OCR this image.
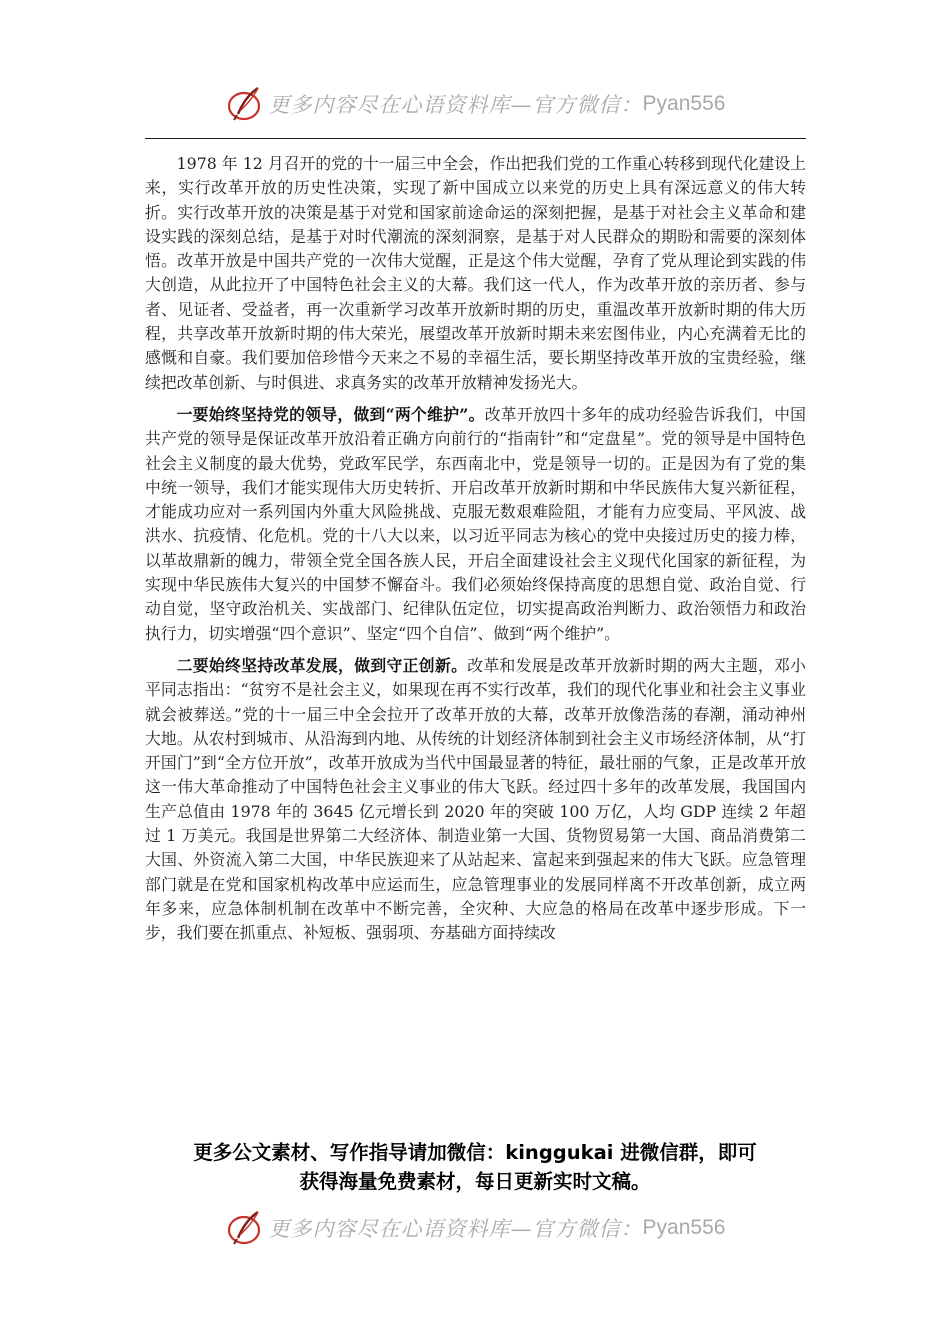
更多内容尽在心语资料库—官方微信： Pyan556

1978 年 12 月召开的党的十一届三中全会，作出把我们党的工作重心转移到现代化建设上来，实行改革开放的历史性决策，实现了新中国成立以来党的历史上具有深远意义的伟大转折。实行改革开放的决策是基于对党和国家前途命运的深刻把握，是基于对社会主义革命和建设实践的深刻总结，是基于对时代潮流的深刻洞察，是基于对人民群众的期盼和需要的深刻体悟。改革开放是中国共产党的一次伟大觉醒，正是这个伟大觉醒，孕育了党从理论到实践的伟大创造，从此拉开了中国特色社会主义的大幕。我们这一代人，作为改革开放的亲历者、参与者、见证者、受益者，再一次重新学习改革开放新时期的历史，重温改革开放新时期的伟大历程，共享改革开放新时期的伟大荣光，展望改革开放新时期未来宏图伟业，内心充满着无比的感慨和自豪。我们要加倍珍惜今天来之不易的幸福生活，要长期坚持改革开放的宝贵经验，继续把改革创新、与时俱进、求真务实的改革开放精神发扬光大。

一要始终坚持党的领导，做到“两个维护”。改革开放四十多年的成功经验告诉我们，中国共产党的领导是保证改革开放沿着正确方向前行的“指南针”和“定盘星”。党的领导是中国特色社会主义制度的最大优势，党政军民学，东西南北中，党是领导一切的。正是因为有了党的集中统一领导，我们才能实现伟大历史转折、开启改革开放新时期和中华民族伟大复兴新征程，才能成功应对一系列国内外重大风险挑战、克服无数艰难险阻，才能有力应变局、平风波、战洪水、抗疫情、化危机。党的十八大以来，以习近平同志为核心的党中央接过历史的接力棒，以革故鼎新的魄力，带领全党全国各族人民，开启全面建设社会主义现代化国家的新征程，为实现中华民族伟大复兴的中国梦不懈奋斗。我们必须始终保持高度的思想自觉、政治自觉、行动自觉，坚守政治机关、实战部门、纪律队伍定位，切实提高政治判断力、政治领悟力和政治执行力，切实增强“四个意识”、坚定“四个自信”、做到“两个维护”。

二要始终坚持改革发展，做到守正创新。改革和发展是改革开放新时期的两大主题，邓小平同志指出：“贫穷不是社会主义，如果现在再不实行改革，我们的现代化事业和社会主义事业就会被葬送。”党的十一届三中全会拉开了改革开放的大幕，改革开放像浩荡的春潮，涌动神州大地。从农村到城市、从沿海到内地、从传统的计划经济体制到社会主义市场经济体制，从“打开国门”到“全方位开放”，改革开放成为当代中国最显著的特征，最壮丽的气象，正是改革开放这一伟大革命推动了中国特色社会主义事业的伟大飞跃。经过四十多年的改革发展，我国国内生产总值由 1978 年的 3645 亿元增长到 2020 年的突破 100 万亿，人均 GDP 连续 2 年超过 1 万美元。我国是世界第二大经济体、制造业第一大国、货物贸易第一大国、商品消费第二大国、外资流入第二大国，中华民族迎来了从站起来、富起来到强起来的伟大飞跃。应急管理部门就是在党和国家机构改革中应运而生，应急管理事业的发展同样离不开改革创新，成立两年多来，应急体制机制在改革中不断完善，全灾种、大应急的格局在改革中逐步形成。下一步，我们要在抓重点、补短板、强弱项、夯基础方面持续改

更多公文素材、写作指导请加微信：kinggukai 进微信群，即可
获得海量免费素材，每日更新实时文稿。
更多内容尽在心语资料库—官方微信： Pyan556
